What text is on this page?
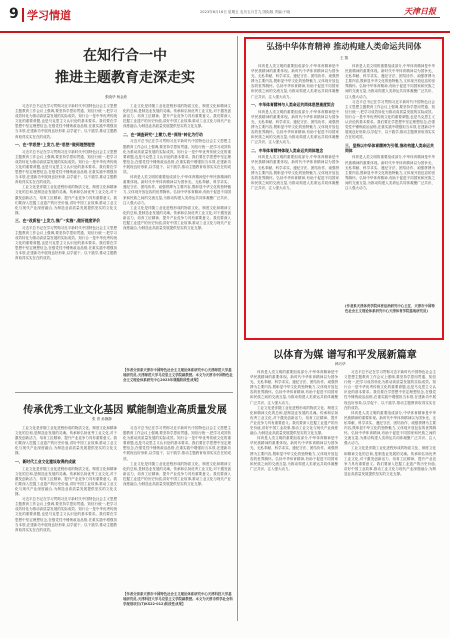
9 学习情道	2023年6月16日 星期五 农历五月廿九 国际版 责编:于晓	天津日报
在知行合一中
推进主题教育走深走实
张晓华 杨金欣

习近平总书记在学习贯彻习近平新时代中国特色社会主义思想主题教育工作会议上强调,要坚持学思用贯通、知信行统一,把学习成效转化为推动高质量发展的实际成效。知行合一是中华优秀传统文化的重要命题,也是马克思主义认识论的基本要求。我们要在学思想中坚定理想信念,在强党性中锤炼政治品格,在重实践中增强担当本领,在建新功中展现良好形象,以学促干、以干践学,推动主题教育取得实实在在的成效。

一、在“学思想”上发力,把“思想”做到理想理想

习近平总书记在学习贯彻习近平新时代中国特色社会主义思想主题教育工作会议上强调,要坚持学思用贯通、知信行统一,把学习成效转化为推动高质量发展的实际成效。知行合一是中华优秀传统文化的重要命题,也是马克思主义认识论的基本要求。我们要在学思想中坚定理想信念,在强党性中锤炼政治品格,在重实践中增强担当本领,在建新功中展现良好形象,以学促干、以干践学,推动主题教育取得实实在在的成效。

工业文化是伴随工业化进程形成的物质文化、制度文化和精神文化的总和,是制造业发展的灵魂。传承和弘扬优秀工业文化,对于激发创新活力、培育工匠精神、提升产业竞争力具有重要意义。我们要深入挖掘工业遗产的历史价值,讲好中国工业故事,推动工业文化与现代产业深度融合,为制造业高质量发展提供坚实的文化支撑。

三、在“改质检”上发力,推广“实施”,做好提度评价

习近平总书记在学习贯彻习近平新时代中国特色社会主义思想主题教育工作会议上强调,要坚持学思用贯通、知信行统一,把学习成效转化为推动高质量发展的实际成效。知行合一是中华优秀传统文化的重要命题,也是马克思主义认识论的基本要求。我们要在学思想中坚定理想信念,在强党性中锤炼政治品格,在重实践中增强担当本领,在建新功中展现良好形象,以学促干、以干践学,推动主题教育取得实实在在的成效。

工业文化是伴随工业化进程形成的物质文化、制度文化和精神文化的总和,是制造业发展的灵魂。传承和弘扬优秀工业文化,对于激发创新活力、培育工匠精神、提升产业竞争力具有重要意义。我们要深入挖掘工业遗产的历史价值,讲好中国工业故事,推动工业文化与现代产业深度融合,为制造业高质量发展提供坚实的文化支撑。

二、在“调查研究”上着力,把“深刻”转化为行动

习近平总书记在学习贯彻习近平新时代中国特色社会主义思想主题教育工作会议上强调,要坚持学思用贯通、知信行统一,把学习成效转化为推动高质量发展的实际成效。知行合一是中华优秀传统文化的重要命题,也是马克思主义认识论的基本要求。我们要在学思想中坚定理想信念,在强党性中锤炼政治品格,在重实践中增强担当本领,在建新功中展现良好形象,以学促干、以干践学,推动主题教育取得实实在在的成效。

体育是人类文明的重要组成部分,中华体育精神是中华民族精神的重要体现。新时代中华体育精神以为国争光、无私奉献、科学求实、遵纪守法、团结协作、顽强拼搏为主要内容,既彰显中华文化的独特魅力,又体现开放包容的世界胸怀。弘扬中华体育精神,有助于促进不同国家和民族之间的交流互鉴,为推动构建人类命运共同体凝聚广泛共识、注入强大动力。

工业文化是伴随工业化进程形成的物质文化、制度文化和精神文化的总和,是制造业发展的灵魂。传承和弘扬优秀工业文化,对于激发创新活力、培育工匠精神、提升产业竞争力具有重要意义。我们要深入挖掘工业遗产的历史价值,讲好中国工业故事,推动工业文化与现代产业深度融合,为制造业高质量发展提供坚实的文化支撑。

【作者分别系天津市中国特色社会主义理论体系研究中心天津师范大学基地研究员,天津师范大学马克思主义学院副教授。本文为天津市中国特色社会主义理论体系研究中心2023年课题阶段性成果】
弘扬中华体育精神 推动构建人类命运共同体
王 黎

体育是人类文明的重要组成部分,中华体育精神是中华民族精神的重要体现。新时代中华体育精神以为国争光、无私奉献、科学求实、遵纪守法、团结协作、顽强拼搏为主要内容,既彰显中华文化的独特魅力,又体现开放包容的世界胸怀。弘扬中华体育精神,有助于促进不同国家和民族之间的交流互鉴,为推动构建人类命运共同体凝聚广泛共识、注入强大动力。

一、中华体育精神与人类命运共同体思想高度契合

体育是人类文明的重要组成部分,中华体育精神是中华民族精神的重要体现。新时代中华体育精神以为国争光、无私奉献、科学求实、遵纪守法、团结协作、顽强拼搏为主要内容,既彰显中华文化的独特魅力,又体现开放包容的世界胸怀。弘扬中华体育精神,有助于促进不同国家和民族之间的交流互鉴,为推动构建人类命运共同体凝聚广泛共识、注入强大动力。

二、中华体育精神体现人类命运共同体理念

体育是人类文明的重要组成部分,中华体育精神是中华民族精神的重要体现。新时代中华体育精神以为国争光、无私奉献、科学求实、遵纪守法、团结协作、顽强拼搏为主要内容,既彰显中华文化的独特魅力,又体现开放包容的世界胸怀。弘扬中华体育精神,有助于促进不同国家和民族之间的交流互鉴,为推动构建人类命运共同体凝聚广泛共识、注入强大动力。

体育是人类文明的重要组成部分,中华体育精神是中华民族精神的重要体现。新时代中华体育精神以为国争光、无私奉献、科学求实、遵纪守法、团结协作、顽强拼搏为主要内容,既彰显中华文化的独特魅力,又体现开放包容的世界胸怀。弘扬中华体育精神,有助于促进不同国家和民族之间的交流互鉴,为推动构建人类命运共同体凝聚广泛共识、注入强大动力。

习近平总书记在学习贯彻习近平新时代中国特色社会主义思想主题教育工作会议上强调,要坚持学思用贯通、知信行统一,把学习成效转化为推动高质量发展的实际成效。知行合一是中华优秀传统文化的重要命题,也是马克思主义认识论的基本要求。我们要在学思想中坚定理想信念,在强党性中锤炼政治品格,在重实践中增强担当本领,在建新功中展现良好形象,以学促干、以干践学,推动主题教育取得实实在在的成效。

三、坚持以中华体育精神为引领,推动构建人类命运共同体

体育是人类文明的重要组成部分,中华体育精神是中华民族精神的重要体现。新时代中华体育精神以为国争光、无私奉献、科学求实、遵纪守法、团结协作、顽强拼搏为主要内容,既彰显中华文化的独特魅力,又体现开放包容的世界胸怀。弘扬中华体育精神,有助于促进不同国家和民族之间的交流互鉴,为推动构建人类命运共同体凝聚广泛共识、注入强大动力。

(作者系天津体育学院体育法治研究中心主任、天津市中国特色社会主义理论体系研究中心天津体育学院基地研究员)
以体育为媒 谱写和平发展新篇章
韩巧华

体育是人类文明的重要组成部分,中华体育精神是中华民族精神的重要体现。新时代中华体育精神以为国争光、无私奉献、科学求实、遵纪守法、团结协作、顽强拼搏为主要内容,既彰显中华文化的独特魅力,又体现开放包容的世界胸怀。弘扬中华体育精神,有助于促进不同国家和民族之间的交流互鉴,为推动构建人类命运共同体凝聚广泛共识、注入强大动力。

工业文化是伴随工业化进程形成的物质文化、制度文化和精神文化的总和,是制造业发展的灵魂。传承和弘扬优秀工业文化,对于激发创新活力、培育工匠精神、提升产业竞争力具有重要意义。我们要深入挖掘工业遗产的历史价值,讲好中国工业故事,推动工业文化与现代产业深度融合,为制造业高质量发展提供坚实的文化支撑。

体育是人类文明的重要组成部分,中华体育精神是中华民族精神的重要体现。新时代中华体育精神以为国争光、无私奉献、科学求实、遵纪守法、团结协作、顽强拼搏为主要内容,既彰显中华文化的独特魅力,又体现开放包容的世界胸怀。弘扬中华体育精神,有助于促进不同国家和民族之间的交流互鉴,为推动构建人类命运共同体凝聚广泛共识、注入强大动力。

习近平总书记在学习贯彻习近平新时代中国特色社会主义思想主题教育工作会议上强调,要坚持学思用贯通、知信行统一,把学习成效转化为推动高质量发展的实际成效。知行合一是中华优秀传统文化的重要命题,也是马克思主义认识论的基本要求。我们要在学思想中坚定理想信念,在强党性中锤炼政治品格,在重实践中增强担当本领,在建新功中展现良好形象,以学促干、以干践学,推动主题教育取得实实在在的成效。

体育是人类文明的重要组成部分,中华体育精神是中华民族精神的重要体现。新时代中华体育精神以为国争光、无私奉献、科学求实、遵纪守法、团结协作、顽强拼搏为主要内容,既彰显中华文化的独特魅力,又体现开放包容的世界胸怀。弘扬中华体育精神,有助于促进不同国家和民族之间的交流互鉴,为推动构建人类命运共同体凝聚广泛共识、注入强大动力。

工业文化是伴随工业化进程形成的物质文化、制度文化和精神文化的总和,是制造业发展的灵魂。传承和弘扬优秀工业文化,对于激发创新活力、培育工匠精神、提升产业竞争力具有重要意义。我们要深入挖掘工业遗产的历史价值,讲好中国工业故事,推动工业文化与现代产业深度融合,为制造业高质量发展提供坚实的文化支撑。

传承优秀工业文化基因 赋能制造业高质量发展
张 青 孙静静

工业文化是伴随工业化进程形成的物质文化、制度文化和精神文化的总和,是制造业发展的灵魂。传承和弘扬优秀工业文化,对于激发创新活力、培育工匠精神、提升产业竞争力具有重要意义。我们要深入挖掘工业遗产的历史价值,讲好中国工业故事,推动工业文化与现代产业深度融合,为制造业高质量发展提供坚实的文化支撑。

一、新时代工业文化建设取得的成就

工业文化是伴随工业化进程形成的物质文化、制度文化和精神文化的总和,是制造业发展的灵魂。传承和弘扬优秀工业文化,对于激发创新活力、培育工匠精神、提升产业竞争力具有重要意义。我们要深入挖掘工业遗产的历史价值,讲好中国工业故事,推动工业文化与现代产业深度融合,为制造业高质量发展提供坚实的文化支撑。

习近平总书记在学习贯彻习近平新时代中国特色社会主义思想主题教育工作会议上强调,要坚持学思用贯通、知信行统一,把学习成效转化为推动高质量发展的实际成效。知行合一是中华优秀传统文化的重要命题,也是马克思主义认识论的基本要求。我们要在学思想中坚定理想信念,在强党性中锤炼政治品格,在重实践中增强担当本领,在建新功中展现良好形象,以学促干、以干践学,推动主题教育取得实实在在的成效。

习近平总书记在学习贯彻习近平新时代中国特色社会主义思想主题教育工作会议上强调,要坚持学思用贯通、知信行统一,把学习成效转化为推动高质量发展的实际成效。知行合一是中华优秀传统文化的重要命题,也是马克思主义认识论的基本要求。我们要在学思想中坚定理想信念,在强党性中锤炼政治品格,在重实践中增强担当本领,在建新功中展现良好形象,以学促干、以干践学,推动主题教育取得实实在在的成效。

工业文化是伴随工业化进程形成的物质文化、制度文化和精神文化的总和,是制造业发展的灵魂。传承和弘扬优秀工业文化,对于激发创新活力、培育工匠精神、提升产业竞争力具有重要意义。我们要深入挖掘工业遗产的历史价值,讲好中国工业故事,推动工业文化与现代产业深度融合,为制造业高质量发展提供坚实的文化支撑。

【作者分别系天津市中国特色社会主义理论体系研究中心天津科技大学基地研究员,天津科技大学马克思主义学院副教授。本文为天津市哲学社会科学规划项目(TJKS22-012)阶段性成果】
